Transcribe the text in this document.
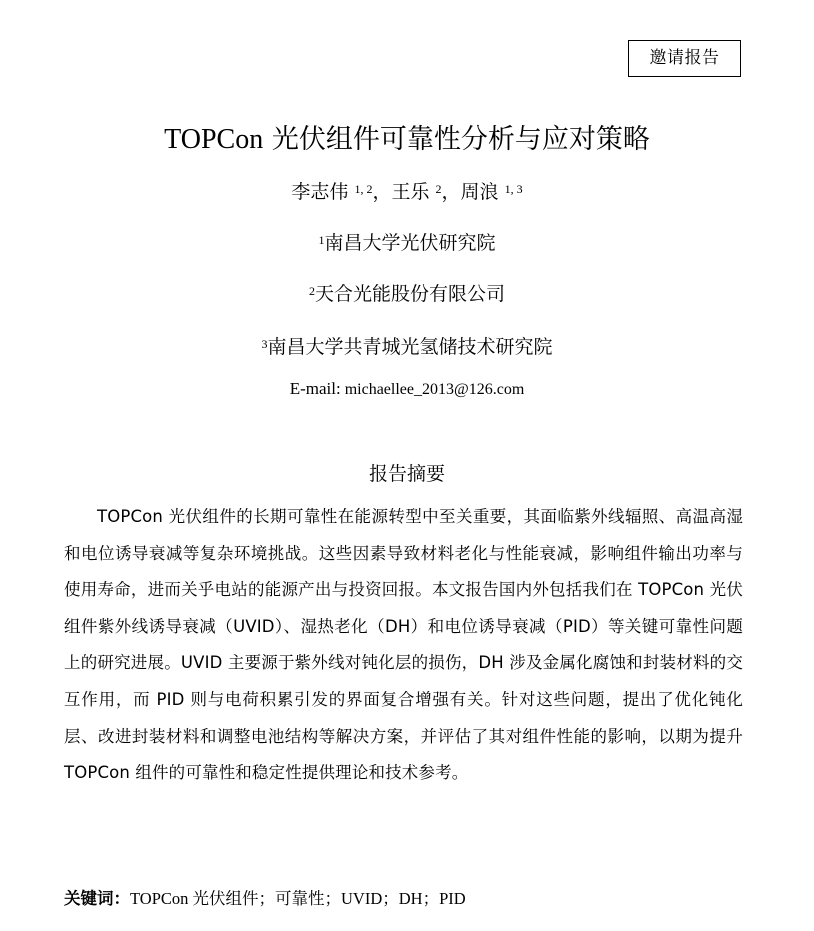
邀请报告
TOPCon 光伏组件可靠性分析与应对策略
李志伟 $^{1, 2}$，王乐 $^2$，周浪 $^{1, 3}$
$^1$南昌大学光伏研究院
$^2$天合光能股份有限公司
$^3$南昌大学共青城光氢储技术研究院
E-mail: michaellee_2013@126.com
报告摘要

TOPCon 光伏组件的长期可靠性在能源转型中至关重要，其面临紫外线辐照、高温高湿和电位诱导衰减等复杂环境挑战。这些因素导致材料老化与性能衰减，影响组件输出功率与使用寿命，进而关乎电站的能源产出与投资回报。本文报告国内外包括我们在 TOPCon 光伏组件紫外线诱导衰减（UVID）、湿热老化（DH）和电位诱导衰减（PID）等关键可靠性问题上的研究进展。UVID 主要源于紫外线对钝化层的损伤，DH 涉及金属化腐蚀和封装材料的交互作用，而 PID 则与电荷积累引发的界面复合增强有关。针对这些问题，提出了优化钝化层、改进封装材料和调整电池结构等解决方案，并评估了其对组件性能的影响，以期为提升 TOPCon 组件的可靠性和稳定性提供理论和技术参考。

关键词：TOPCon 光伏组件；可靠性；UVID；DH；PID
